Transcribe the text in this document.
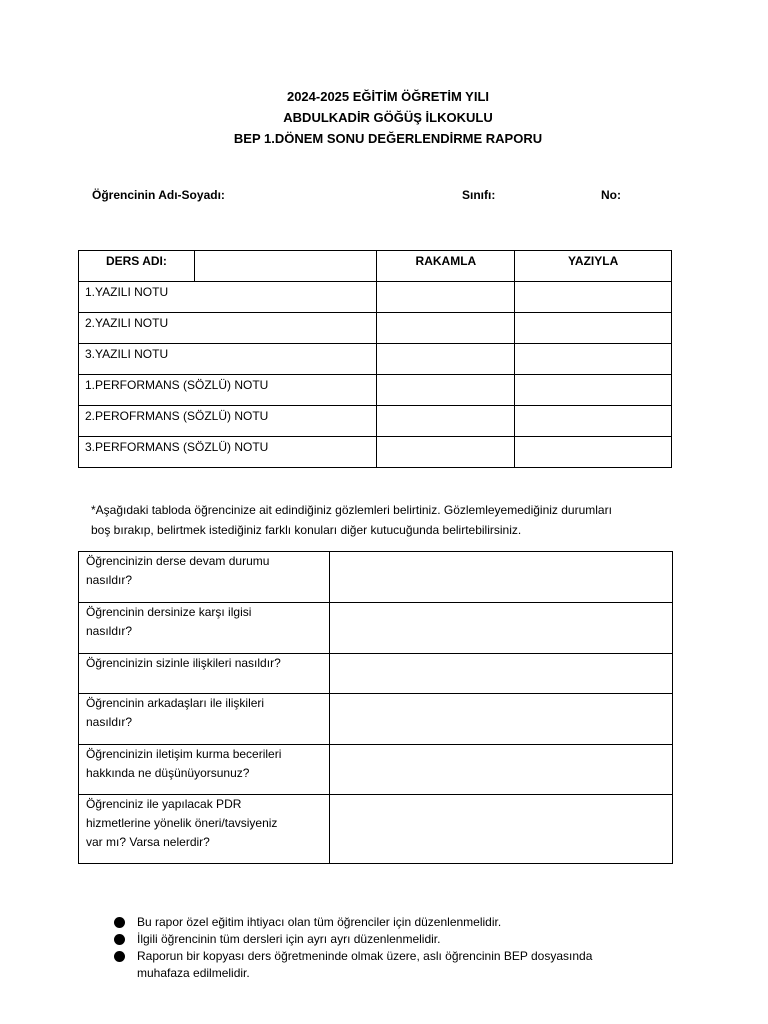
2024-2025 EĞİTİM ÖĞRETİM YILI
ABDULKADİR GÖĞÜŞ İLKOKULU
BEP 1.DÖNEM SONU DEĞERLENDİRME RAPORU
Öğrencinin Adı-Soyadı:	Sınıfı:	No:
DERS ADI:		RAKAMLA	YAZIYLA
1.YAZILI NOTU			
2.YAZILI NOTU			
3.YAZILI NOTU			
1.PERFORMANS (SÖZLÜ) NOTU			
2.PEROFRMANS (SÖZLÜ) NOTU			
3.PERFORMANS (SÖZLÜ) NOTU			
*Aşağıdaki tabloda öğrencinize ait edindiğiniz gözlemleri belirtiniz. Gözlemleyemediğiniz durumları
boş bırakıp, belirtmek istediğiniz farklı konuları diğer kutucuğunda belirtebilirsiniz.
Öğrencinizin derse devam durumu
nasıldır?	

Öğrencinin dersinize karşı ilgisi
nasıldır?	

Öğrencinizin sizinle ilişkileri nasıldır?	

Öğrencinin arkadaşları ile ilişkileri
nasıldır?	

Öğrencinizin iletişim kurma becerileri
hakkında ne düşünüyorsunuz?	

Öğrenciniz ile yapılacak PDR
hizmetlerine yönelik öneri/tavsiyeniz
var mı? Varsa nelerdir?	

Bu rapor özel eğitim ihtiyacı olan tüm öğrenciler için düzenlenmelidir.
İlgili öğrencinin tüm dersleri için ayrı ayrı düzenlenmelidir.
Raporun bir kopyası ders öğretmeninde olmak üzere, aslı öğrencinin BEP dosyasında
muhafaza edilmelidir.
